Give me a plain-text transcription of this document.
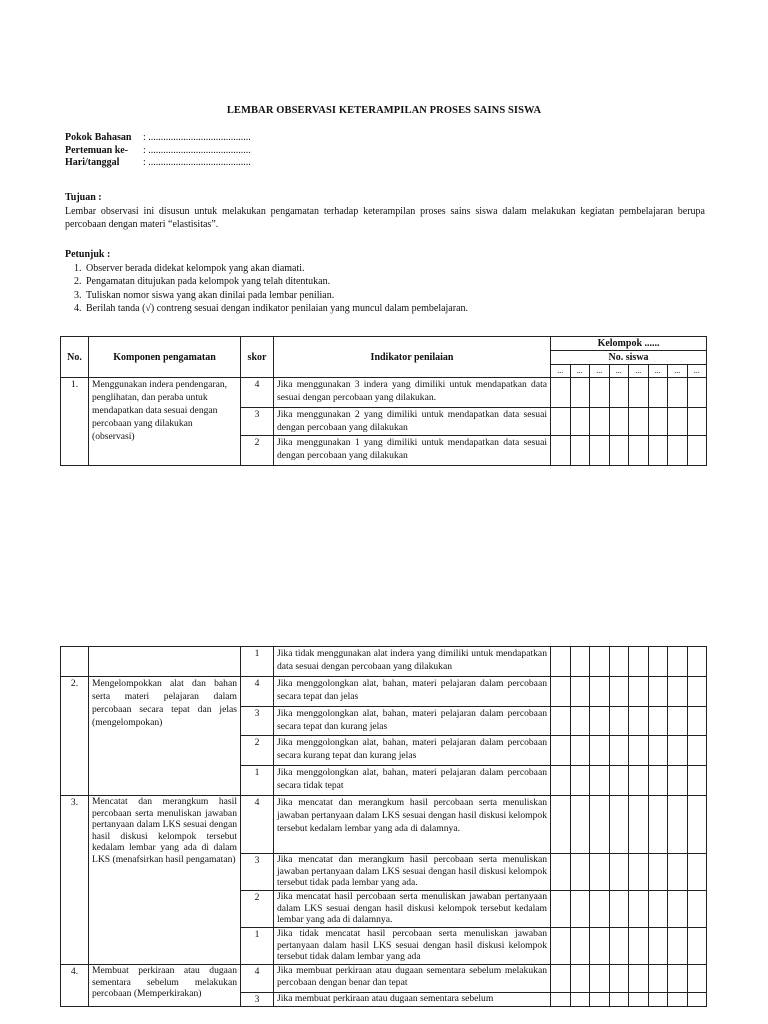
LEMBAR OBSERVASI KETERAMPILAN PROSES SAINS SISWA
Pokok Bahasan	: .........................................
Pertemuan ke-	: .........................................
Hari/tanggal	: .........................................
Tujuan :

Lembar observasi ini disusun untuk melakukan pengamatan terhadap keterampilan proses sains siswa dalam melakukan kegiatan pembelajaran berupa percobaan dengan materi “elastisitas”.

Petunjuk :
1. Observer berada didekat kelompok yang akan diamati.
2. Pengamatan ditujukan pada kelompok yang telah ditentukan.
3. Tuliskan nomor siswa yang akan dinilai pada lembar penilian.
4. Berilah tanda (√) contreng sesuai dengan indikator penilaian yang muncul dalam pembelajaran.
No.	Komponen pengamatan	skor	Indikator penilaian	Kelompok ......							
				No. siswa							
				...	...	...	...	...	...	...	...
1.	Menggunakan indera pendengaran, penglihatan, dan peraba untuk mendapatkan data sesuai dengan percobaan yang dilakukan (observasi)	4	Jika menggunakan 3 indera yang dimiliki untuk mendapatkan data sesuai dengan percobaan yang dilakukan.								
		3	Jika menggunakan 2 yang dimiliki untuk mendapatkan data sesuai dengan percobaan yang dilakukan								
		2	Jika menggunakan 1 yang dimiliki untuk mendapatkan data sesuai dengan percobaan yang dilakukan								
		1	Jika tidak menggunakan alat indera yang dimiliki untuk mendapatkan data sesuai dengan percobaan yang dilakukan								
2.	Mengelompokkan alat dan bahan serta materi pelajaran dalam percobaan secara tepat dan jelas (mengelompokan)	4	Jika menggolongkan alat, bahan, materi pelajaran dalam percobaan secara tepat dan jelas								
		3	Jika menggolongkan alat, bahan, materi pelajaran dalam percobaan secara tepat dan kurang jelas								
		2	Jika menggolongkan alat, bahan, materi pelajaran dalam percobaan secara kurang tepat dan kurang jelas								
		1	Jika menggolongkan alat, bahan, materi pelajaran dalam percobaan secara tidak tepat								
3.	Mencatat dan merangkum hasil percobaan serta menuliskan jawaban pertanyaan dalam LKS sesuai dengan hasil diskusi kelompok tersebut kedalam lembar yang ada di dalam LKS (menafsirkan hasil pengamatan)	4	Jika mencatat dan merangkum hasil percobaan serta menuliskan jawaban pertanyaan dalam LKS sesuai dengan hasil diskusi kelompok tersebut kedalam lembar yang ada di dalamnya.								
		3	Jika mencatat dan merangkum hasil percobaan serta menuliskan jawaban pertanyaan dalam LKS sesuai dengan hasil diskusi kelompok tersebut tidak pada lembar yang ada.								
		2	Jika mencatat hasil percobaan serta menuliskan jawaban pertanyaan dalam LKS sesuai dengan hasil diskusi kelompok tersebut kedalam lembar yang ada di dalamnya.								
		1	Jika tidak mencatat hasil percobaan serta menuliskan jawaban pertanyaan dalam hasil LKS sesuai dengan hasil diskusi kelompok tersebut tidak dalam lembar yang ada								
4.	Membuat perkiraan atau dugaan sementara sebelum melakukan percobaan (Memperkirakan)	4	Jika membuat perkiraan atau dugaan sementara sebelum melakukan percobaan dengan benar dan tepat								
		3	Jika membuat perkiraan atau dugaan sementara sebelum								
